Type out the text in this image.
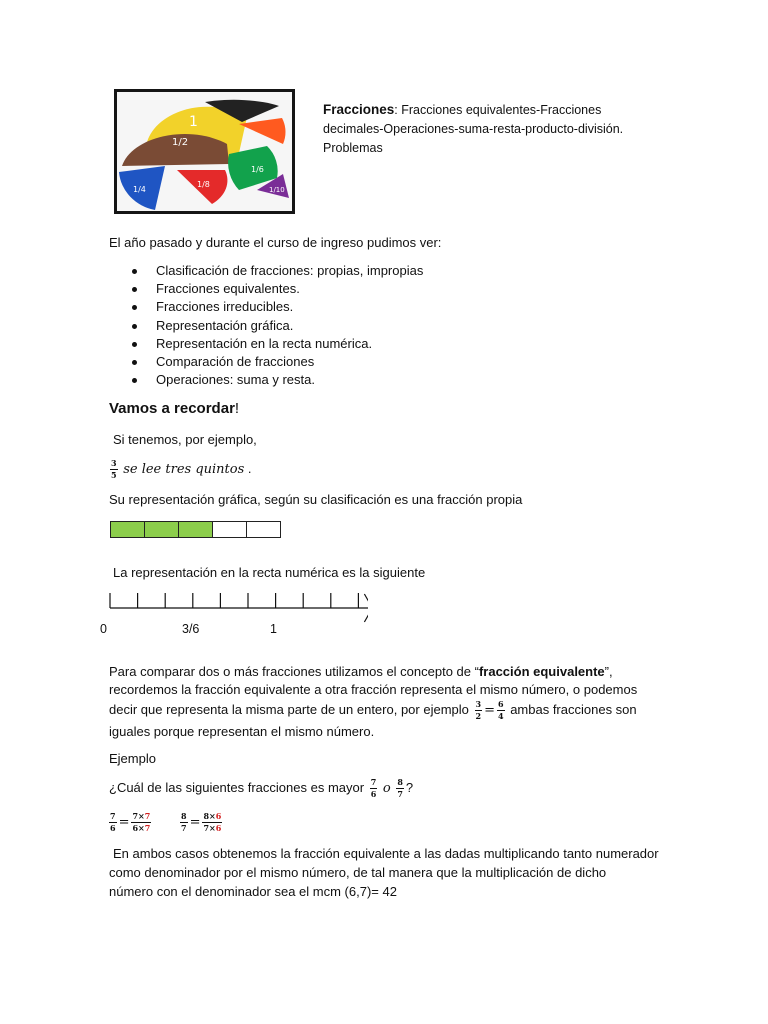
1
1/2
1/8
1/4
1/6
1/10
Fracciones: Fracciones equivalentes-Fracciones decimales-Operaciones-suma-resta-producto-división. Problemas
El año pasado y durante el curso de ingreso pudimos ver:
Clasificación de fracciones: propias, impropias
Fracciones equivalentes.
Fracciones irreducibles.
Representación gráfica.
Representación en la recta numérica.
Comparación de fracciones
Operaciones: suma y resta.
Vamos a recordar!
Si tenemos, por ejemplo,
$\frac{3}{5}$ se lee tres quintos .
Su representación gráfica, según su clasificación es una fracción propia
La representación en la recta numérica es la siguiente
0	3/6	1
Para comparar dos o más fracciones utilizamos el concepto de “fracción equivalente”,
recordemos la fracción equivalente a otra fracción representa el mismo número, o podemos
decir que representa la misma parte de un entero, por ejemplo $\frac{3}{2} = \frac{6}{4}$ ambas fracciones son
iguales porque representan el mismo número.
Ejemplo
¿Cuál de las siguientes fracciones es mayor $\frac{7}{6}$ o $\frac{8}{7}$ ?
$\frac{7}{6} = \frac{7\times 7}{6\times 7}$	$\frac{8}{7} = \frac{8\times 6}{7\times 6}$
En ambos casos obtenemos la fracción equivalente a las dadas multiplicando tanto numerador
como denominador por el mismo número, de tal manera que la multiplicación de dicho
número con el denominador sea el mcm (6,7)= 42
